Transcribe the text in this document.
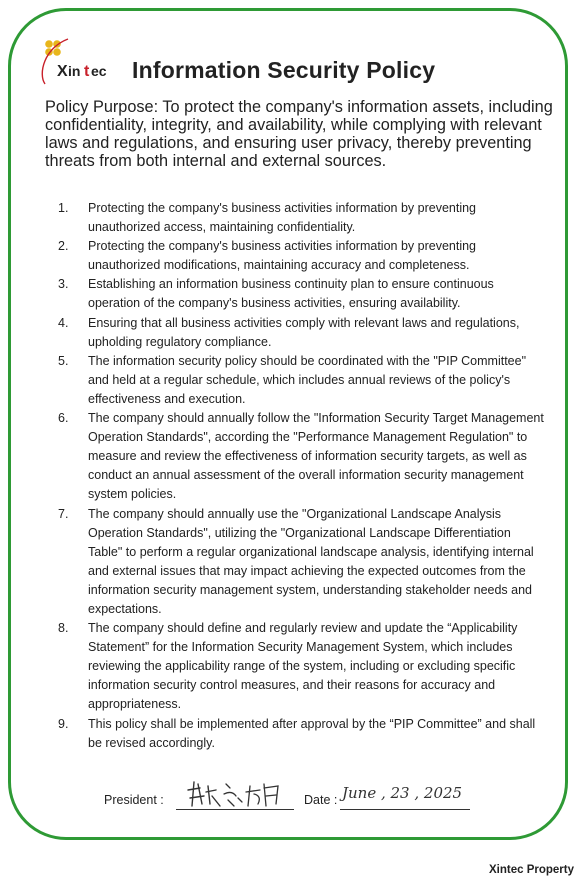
X in t ec Information Security Policy
Policy Purpose: To protect the company's information assets, including confidentiality, integrity, and availability, while complying with relevant laws and regulations, and ensuring user privacy, thereby preventing threats from both internal and external sources.
1.	Protecting the company's business activities information by preventing unauthorized access, maintaining confidentiality.
2.	Protecting the company's business activities information by preventing unauthorized modifications, maintaining accuracy and completeness.
3.	Establishing an information business continuity plan to ensure continuous operation of the company's business activities, ensuring availability.
4.	Ensuring that all business activities comply with relevant laws and regulations, upholding regulatory compliance.
5.	The information security policy should be coordinated with the "PIP Committee" and held at a regular schedule, which includes annual reviews of the policy's effectiveness and execution.
6.	The company should annually follow the "Information Security Target Management Operation Standards", according the "Performance Management Regulation" to measure and review the effectiveness of information security targets, as well as conduct an annual assessment of the overall information security management system policies.
7.	The company should annually use the "Organizational Landscape Analysis Operation Standards", utilizing the "Organizational Landscape Differentiation Table" to perform a regular organizational landscape analysis, identifying internal and external issues that may impact achieving the expected outcomes from the information security management system, understanding stakeholder needs and expectations.
8.	The company should define and regularly review and update the “Applicability Statement” for the Information Security Management System, which includes reviewing the applicability range of the system, including or excluding specific information security control measures, and their reasons for accuracy and appropriateness.
9.	This policy shall be implemented after approval by the “PIP Committee” and shall be revised accordingly.
President :	Date : June , 23 , 2025
Xintec Property
